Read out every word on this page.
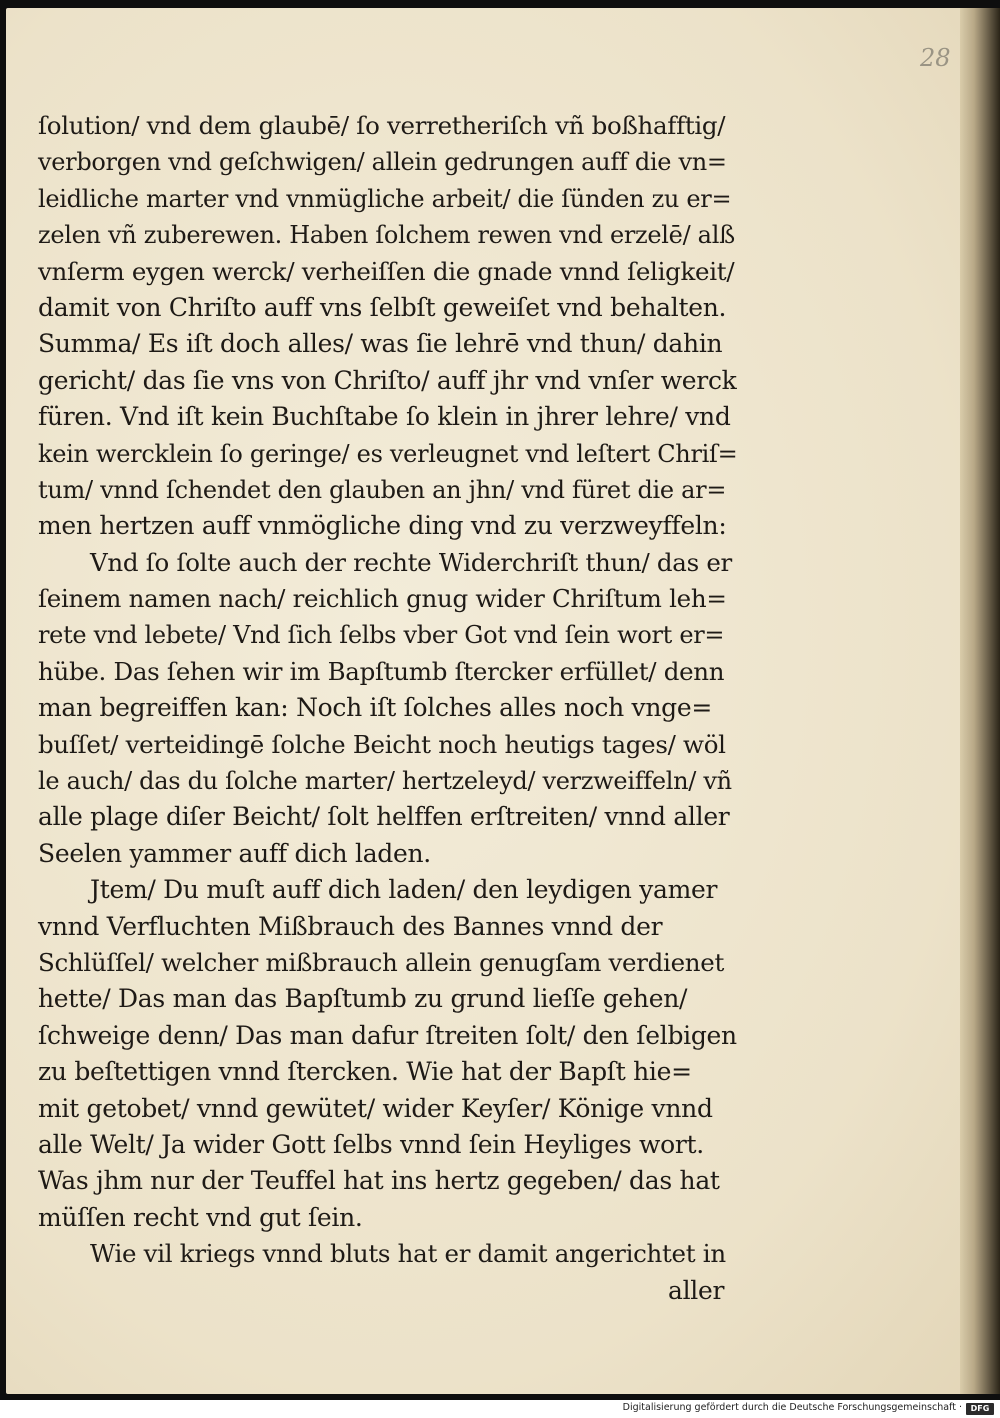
28
ſolution/ vnd dem glaubē/ ſo verretheriſch vñ boßhafftig/
verborgen vnd geſchwigen/ allein gedrungen auff die vn=
leidliche marter vnd vnmügliche arbeit/ die ſünden zu er=
zelen vñ zuberewen. Haben ſolchem rewen vnd erzelē/ alß
vnſerm eygen werck/ verheiſſen die gnade vnnd ſeligkeit/
damit von Chriſto auff vns ſelbſt geweiſet vnd behalten.
Summa/ Es iſt doch alles/ was ſie lehrē vnd thun/ dahin
gericht/ das ſie vns von Chriſto/ auff jhr vnd vnſer werck
füren. Vnd iſt kein Buchſtabe ſo klein in jhrer lehre/ vnd
kein wercklein ſo geringe/ es verleugnet vnd leſtert Chriſ=
tum/ vnnd ſchendet den glauben an jhn/ vnd füret die ar=
men hertzen auff vnmögliche ding vnd zu verzweyffeln:
Vnd ſo ſolte auch der rechte Widerchriſt thun/ das er
ſeinem namen nach/ reichlich gnug wider Chriſtum leh=
rete vnd lebete/ Vnd ſich ſelbs vber Got vnd ſein wort er=
hübe. Das ſehen wir im Bapſtumb ſtercker erfüllet/ denn
man begreiffen kan: Noch iſt ſolches alles noch vnge=
buſſet/ verteidingē ſolche Beicht noch heutigs tages/ wöl
le auch/ das du ſolche marter/ hertzeleyd/ verzweiffeln/ vñ
alle plage diſer Beicht/ ſolt helffen erſtreiten/ vnnd aller
Seelen yammer auff dich laden.
Jtem/ Du muſt auff dich laden/ den leydigen yamer
vnnd Verfluchten Mißbrauch des Bannes vnnd der
Schlüſſel/ welcher mißbrauch allein genugſam verdienet
hette/ Das man das Bapſtumb zu grund lieſſe gehen/
ſchweige denn/ Das man dafur ſtreiten ſolt/ den ſelbigen
zu beſtettigen vnnd ſtercken. Wie hat der Bapſt hie=
mit getobet/ vnnd gewütet/ wider Keyſer/ Könige vnnd
alle Welt/ Ja wider Gott ſelbs vnnd ſein Heyliges wort.
Was jhm nur der Teuffel hat ins hertz gegeben/ das hat
müſſen recht vnd gut ſein.
Wie vil kriegs vnnd bluts hat er damit angerichtet in
aller
Digitalisierung gefördert durch die Deutsche Forschungsgemeinschaft ·	DFG
